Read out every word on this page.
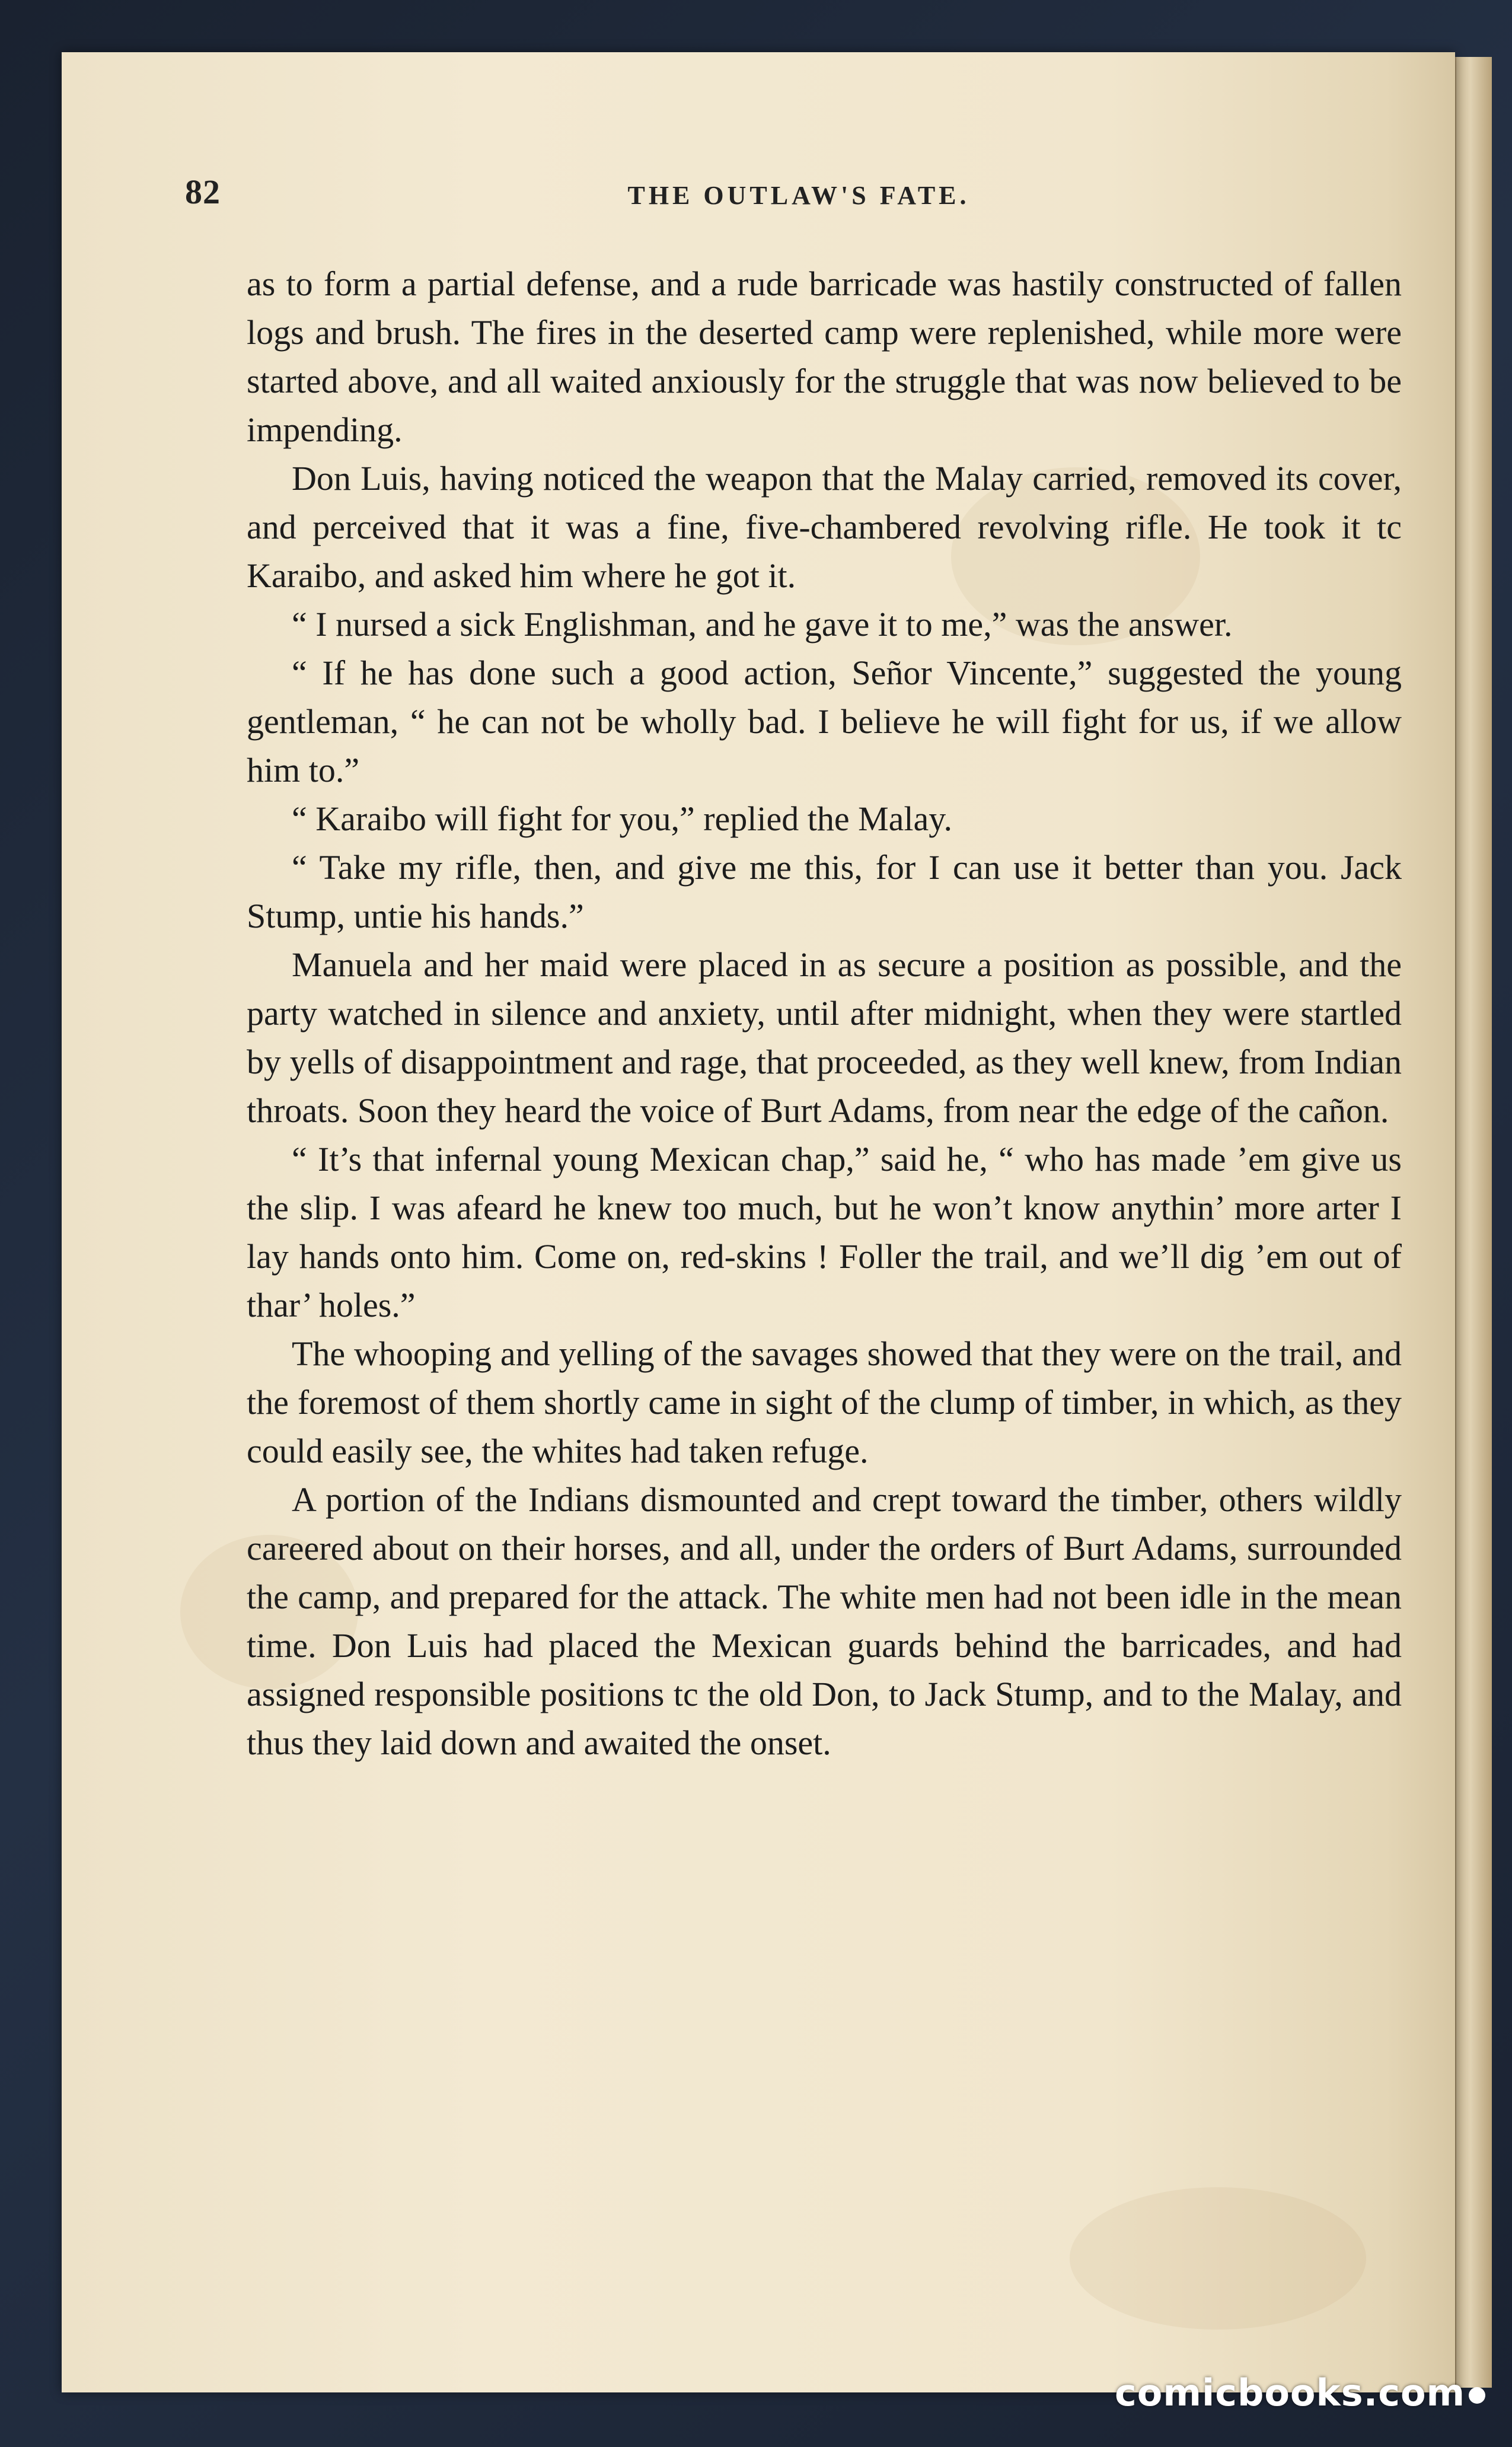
82	THE OUTLAW'S FATE.

as to form a partial defense, and a rude barricade was hastily constructed of fallen logs and brush. The fires in the deserted camp were replenished, while more were started above, and all waited anxiously for the struggle that was now believed to be impending.

Don Luis, having noticed the weapon that the Malay carried, removed its cover, and perceived that it was a fine, five-chambered revolving rifle. He took it tc Karaibo, and asked him where he got it.

“ I nursed a sick Englishman, and he gave it to me,” was the answer.

“ If he has done such a good action, Señor Vincente,” suggested the young gentleman, “ he can not be wholly bad. I believe he will fight for us, if we allow him to.”

“ Karaibo will fight for you,” replied the Malay.

“ Take my rifle, then, and give me this, for I can use it better than you. Jack Stump, untie his hands.”

Manuela and her maid were placed in as secure a position as possible, and the party watched in silence and anxiety, until after midnight, when they were startled by yells of disappointment and rage, that proceeded, as they well knew, from Indian throats. Soon they heard the voice of Burt Adams, from near the edge of the cañon.

“ It’s that infernal young Mexican chap,” said he, “ who has made ’em give us the slip. I was afeard he knew too much, but he won’t know anythin’ more arter I lay hands onto him. Come on, red-skins ! Foller the trail, and we’ll dig ’em out of thar’ holes.”

The whooping and yelling of the savages showed that they were on the trail, and the foremost of them shortly came in sight of the clump of timber, in which, as they could easily see, the whites had taken refuge.

A portion of the Indians dismounted and crept toward the timber, others wildly careered about on their horses, and all, under the orders of Burt Adams, surrounded the camp, and prepared for the attack. The white men had not been idle in the mean time. Don Luis had placed the Mexican guards behind the barricades, and had assigned responsible positions tc the old Don, to Jack Stump, and to the Malay, and thus they laid down and awaited the onset.

comicbooks.com
